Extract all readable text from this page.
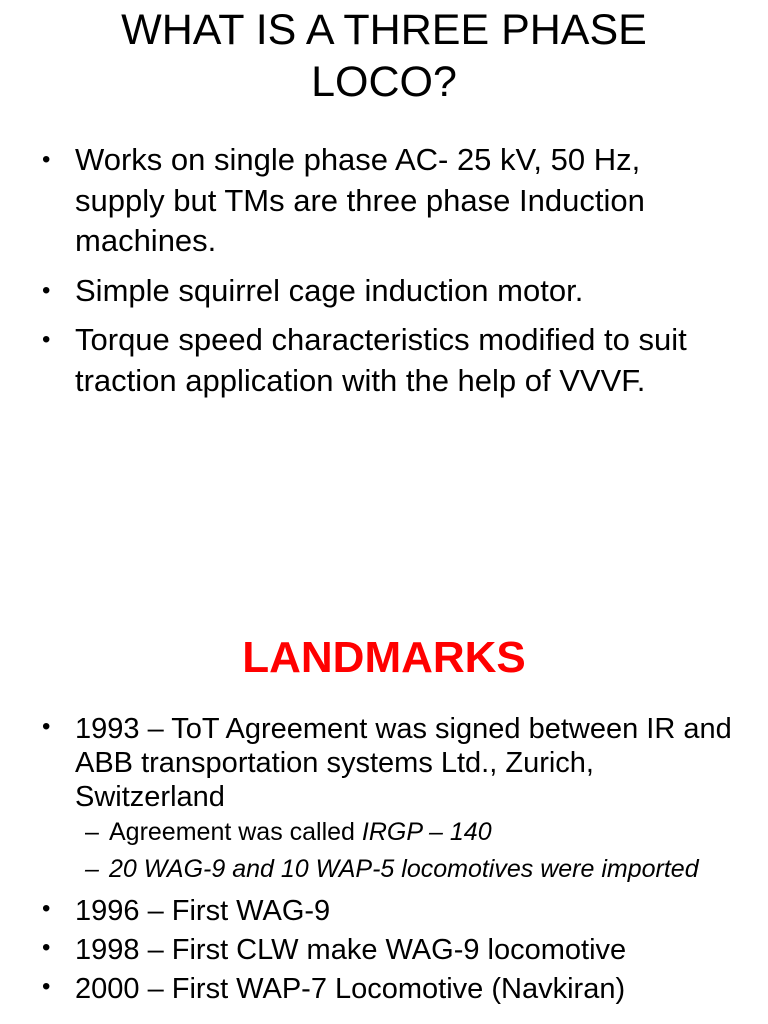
WHAT IS A THREE PHASE
LOCO?
• Works on single phase AC- 25 kV, 50 Hz, supply but TMs are three phase Induction machines.
• Simple squirrel cage induction motor.
• Torque speed characteristics modified to suit traction application with the help of VVVF.
LANDMARKS
• 1993 – ToT Agreement was signed between IR and ABB transportation systems Ltd., Zurich, Switzerland
– Agreement was called IRGP – 140
– 20 WAG-9 and 10 WAP-5 locomotives were imported
• 1996 – First WAG-9
• 1998 – First CLW make WAG-9 locomotive
• 2000 – First WAP-7 Locomotive (Navkiran)
